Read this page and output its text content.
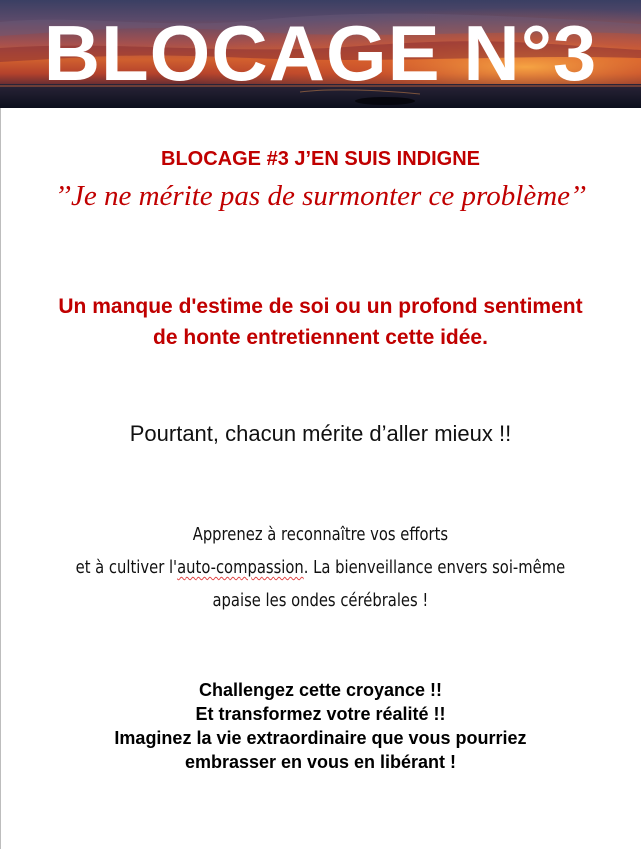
BLOCAGE N°3
BLOCAGE #3 J’EN SUIS INDIGNE
’’Je ne mérite pas de surmonter ce problème’’
Un manque d'estime de soi ou un profond sentiment
de honte entretiennent cette idée.
Pourtant, chacun mérite d’aller mieux !!
Apprenez à reconnaître vos efforts
et à cultiver l'auto-compassion. La bienveillance envers soi-même
apaise les ondes cérébrales !
Challengez cette croyance !!
Et transformez votre réalité !!
Imaginez la vie extraordinaire que vous pourriez
embrasser en vous en libérant !
